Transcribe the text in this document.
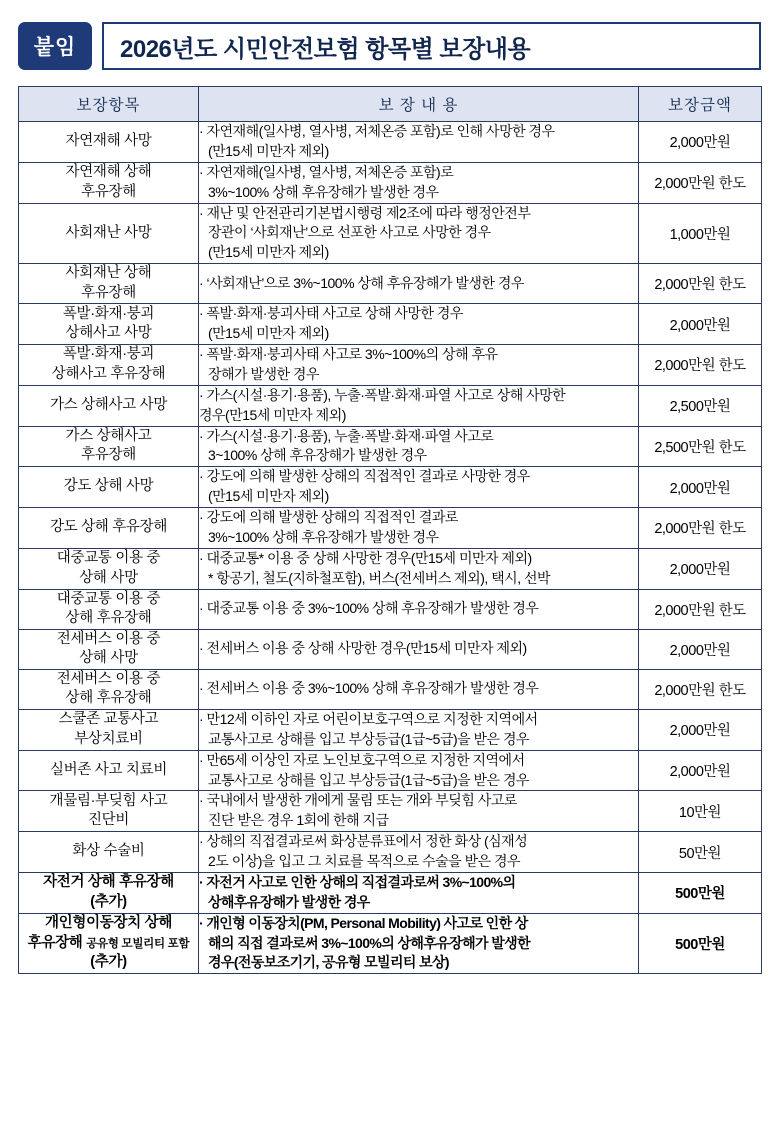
붙임	2026년도 시민안전보험 항목별 보장내용
보장항목	보 장 내 용	보장금액

자연재해 사망	· 자연재해(일사병, 열사병, 저체온증 포함)로 인해 사망한 경우
(만15세 미만자 제외)	2,000만원

자연재해 상해
후유장해	· 자연재해(일사병, 열사병, 저체온증 포함)로
3%~100% 상해 후유장해가 발생한 경우	2,000만원 한도

사회재난 사망	· 재난 및 안전관리기본법시행령 제2조에 따라 행정안전부
장관이 ‘사회재난’으로 선포한 사고로 사망한 경우
(만15세 미만자 제외)	1,000만원

사회재난 상해
후유장해	· ‘사회재난’으로 3%~100% 상해 후유장해가 발생한 경우	2,000만원 한도

폭발·화재·붕괴
상해사고 사망	· 폭발·화재·붕괴사태 사고로 상해 사망한 경우
(만15세 미만자 제외)	2,000만원

폭발·화재·붕괴
상해사고 후유장해	· 폭발·화재·붕괴사태 사고로 3%~100%의 상해 후유
장해가 발생한 경우	2,000만원 한도

가스 상해사고 사망	· 가스(시설·용기·용품), 누출·폭발·화재·파열 사고로 상해 사망한
경우(만15세 미만자 제외)	2,500만원

가스 상해사고
후유장해	· 가스(시설·용기·용품), 누출·폭발·화재·파열 사고로
3~100% 상해 후유장해가 발생한 경우	2,500만원 한도

강도 상해 사망	· 강도에 의해 발생한 상해의 직접적인 결과로 사망한 경우
(만15세 미만자 제외)	2,000만원

강도 상해 후유장해	· 강도에 의해 발생한 상해의 직접적인 결과로
3%~100% 상해 후유장해가 발생한 경우	2,000만원 한도

대중교통 이용 중
상해 사망	· 대중교통* 이용 중 상해 사망한 경우(만15세 미만자 제외)
* 항공기, 철도(지하철포함), 버스(전세버스 제외), 택시, 선박	2,000만원

대중교통 이용 중
상해 후유장해	· 대중교통 이용 중 3%~100% 상해 후유장해가 발생한 경우	2,000만원 한도

전세버스 이용 중
상해 사망	· 전세버스 이용 중 상해 사망한 경우(만15세 미만자 제외)	2,000만원

전세버스 이용 중
상해 후유장해	· 전세버스 이용 중 3%~100% 상해 후유장해가 발생한 경우	2,000만원 한도

스쿨존 교통사고
부상치료비	· 만12세 이하인 자로 어린이보호구역으로 지정한 지역에서
교통사고로 상해를 입고 부상등급(1급~5급)을 받은 경우	2,000만원

실버존 사고 치료비	· 만65세 이상인 자로 노인보호구역으로 지정한 지역에서
교통사고로 상해를 입고 부상등급(1급~5급)을 받은 경우	2,000만원

개물림·부딪힘 사고
진단비	· 국내에서 발생한 개에게 물림 또는 개와 부딪힘 사고로
진단 받은 경우 1회에 한해 지급	10만원

화상 수술비	· 상해의 직접결과로써 화상분류표에서 정한 화상 (심재성
2도 이상)을 입고 그 치료를 목적으로 수술을 받은 경우	50만원

자전거 상해 후유장해
(추가)	· 자전거 사고로 인한 상해의 직접결과로써 3%~100%의
상해후유장해가 발생한 경우	500만원

개인형이동장치 상해
후유장해 공유형 모빌리티 포함
(추가)	· 개인형 이동장치(PM, Personal Mobility) 사고로 인한 상
해의 직접 결과로써 3%~100%의 상해후유장해가 발생한
경우(전동보조기기, 공유형 모빌리티 보상)	500만원
